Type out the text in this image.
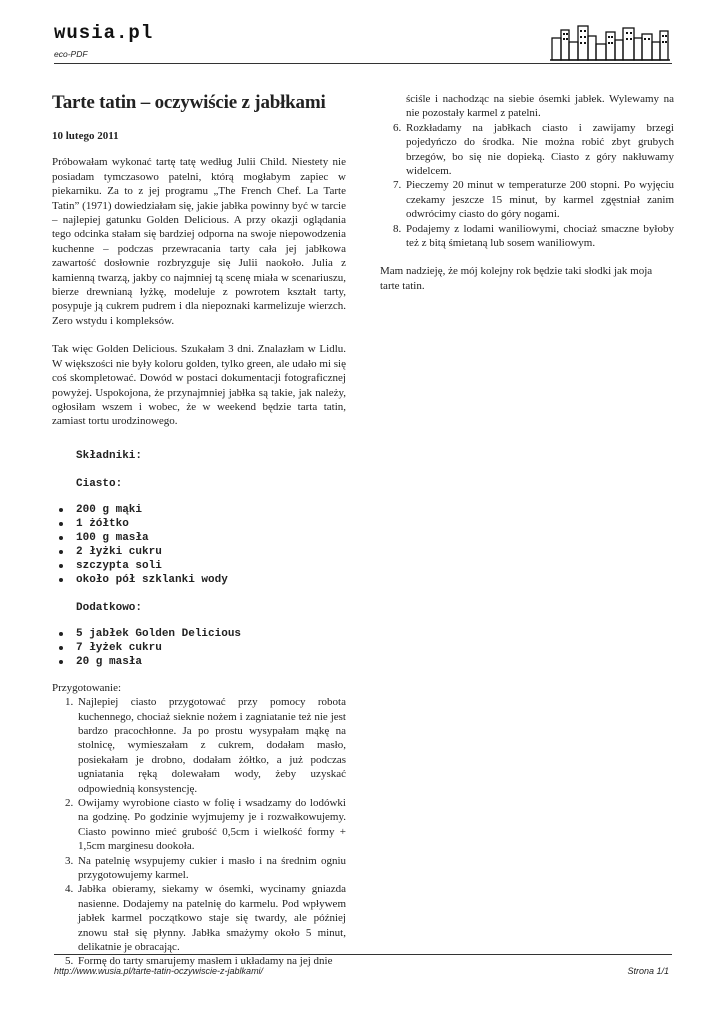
wusia.pl
eco-PDF
Tarte tatin – oczywiście z jabłkami
10 lutego 2011

Próbowałam wykonać tartę tatę według Julii Child. Niestety nie posiadam tymczasowo patelni, którą mogłabym zapiec w piekarniku. Za to z jej programu „The French Chef. La Tarte Tatin” (1971) dowiedziałam się, jakie jabłka powinny być w tarcie – najlepiej gatunku Golden Delicious. A przy okazji oglądania tego odcinka stałam się bardziej odporna na swoje niepowodzenia kuchenne – podczas przewracania tarty cała jej jabłkowa zawartość dosłownie rozbryzguje się Julii naokoło. Julia z kamienną twarzą, jakby co najmniej tą scenę miała w scenariuszu, bierze drewnianą łyżkę, modeluje z powrotem kształt tarty, posypuje ją cukrem pudrem i dla niepoznaki karmelizuje wierzch. Zero wstydu i kompleksów.

Tak więc Golden Delicious. Szukałam 3 dni. Znalazłam w Lidlu. W większości nie były koloru golden, tylko green, ale udało mi się coś skompletować. Dowód w postaci dokumentacji fotograficznej powyżej. Uspokojona, że przynajmniej jabłka są takie, jak należy, ogłosiłam wszem i wobec, że w weekend będzie tarta tatin, zamiast tortu urodzinowego.

Składniki:
Ciasto:
200 g mąki
1 żółtko
100 g masła
2 łyżki cukru
szczypta soli
około pół szklanki wody
Dodatkowo:
5 jabłek Golden Delicious
7 łyżek cukru
20 g masła
Przygotowanie:
1. Najlepiej ciasto przygotować przy pomocy robota kuchennego, chociaż sieknie nożem i zagniatanie też nie jest bardzo pracochłonne. Ja po prostu wysypałam mąkę na stolnicę, wymieszałam z cukrem, dodałam masło, posiekałam je drobno, dodałam żółtko, a już podczas ugniatania ręką dolewałam wody, żeby uzyskać odpowiednią konsystencję.
2. Owijamy wyrobione ciasto w folię i wsadzamy do lodówki na godzinę. Po godzinie wyjmujemy je i rozwałkowujemy. Ciasto powinno mieć grubość 0,5cm i wielkość formy + 1,5cm marginesu dookoła.
3. Na patelnię wsypujemy cukier i masło i na średnim ogniu przygotowujemy karmel.
4. Jabłka obieramy, siekamy w ósemki, wycinamy gniazda nasienne. Dodajemy na patelnię do karmelu. Pod wpływem jabłek karmel początkowo staje się twardy, ale później znowu stał się płynny. Jabłka smażymy około 5 minut, delikatnie je obracając.
5. Formę do tarty smarujemy masłem i układamy na jej dnie
ściśle i nachodząc na siebie ósemki jabłek. Wylewamy na nie pozostały karmel z patelni.
6. Rozkładamy na jabłkach ciasto i zawijamy brzegi pojedyńczo do środka. Nie można robić zbyt grubych brzegów, bo się nie dopieką. Ciasto z góry nakłuwamy widelcem.
7. Pieczemy 20 minut w temperaturze 200 stopni. Po wyjęciu czekamy jeszcze 15 minut, by karmel zgęstniał zanim odwrócimy ciasto do góry nogami.
8. Podajemy z lodami waniliowymi, chociaż smaczne byłoby też z bitą śmietaną lub sosem waniliowym.

Mam nadzieję, że mój kolejny rok będzie taki słodki jak moja tarte tatin.

http://www.wusia.pl/tarte-tatin-oczywiscie-z-jablkami/	Strona 1/1
